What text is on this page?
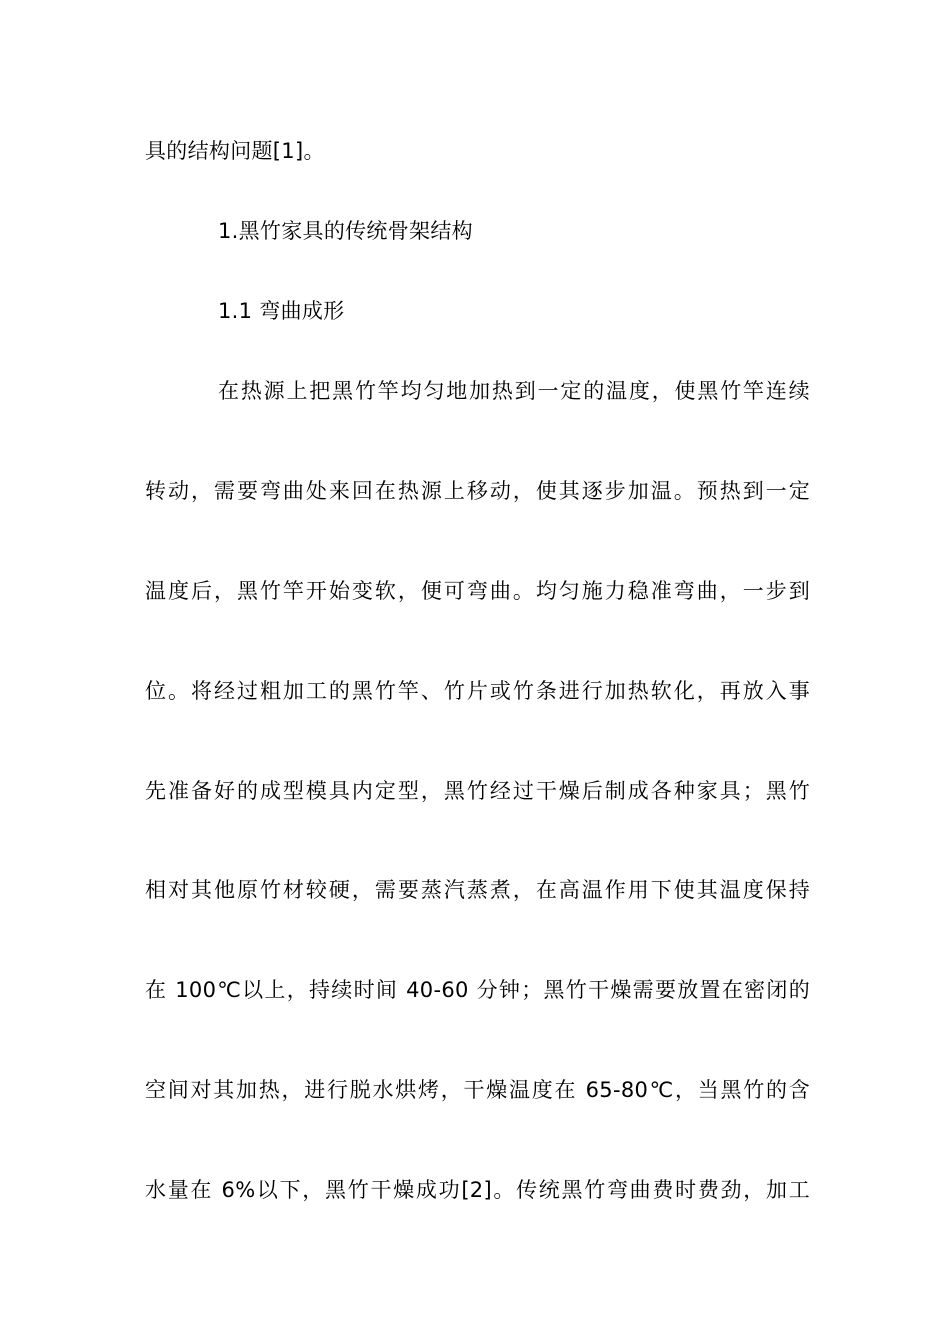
具的结构问题[1]。
1.黑竹家具的传统骨架结构
1.1 弯曲成形
在热源上把黑竹竿均匀地加热到一定的温度，使黑竹竿连续
转动，需要弯曲处来回在热源上移动，使其逐步加温。预热到一定
温度后，黑竹竿开始变软，便可弯曲。均匀施力稳准弯曲，一步到
位。将经过粗加工的黑竹竿、竹片或竹条进行加热软化，再放入事
先准备好的成型模具内定型，黑竹经过干燥后制成各种家具；黑竹
相对其他原竹材较硬，需要蒸汽蒸煮，在高温作用下使其温度保持
在 100℃以上，持续时间 40-60 分钟；黑竹干燥需要放置在密闭的
空间对其加热，进行脱水烘烤，干燥温度在 65-80℃，当黑竹的含
水量在 6%以下，黑竹干燥成功[2]。传统黑竹弯曲费时费劲，加工
